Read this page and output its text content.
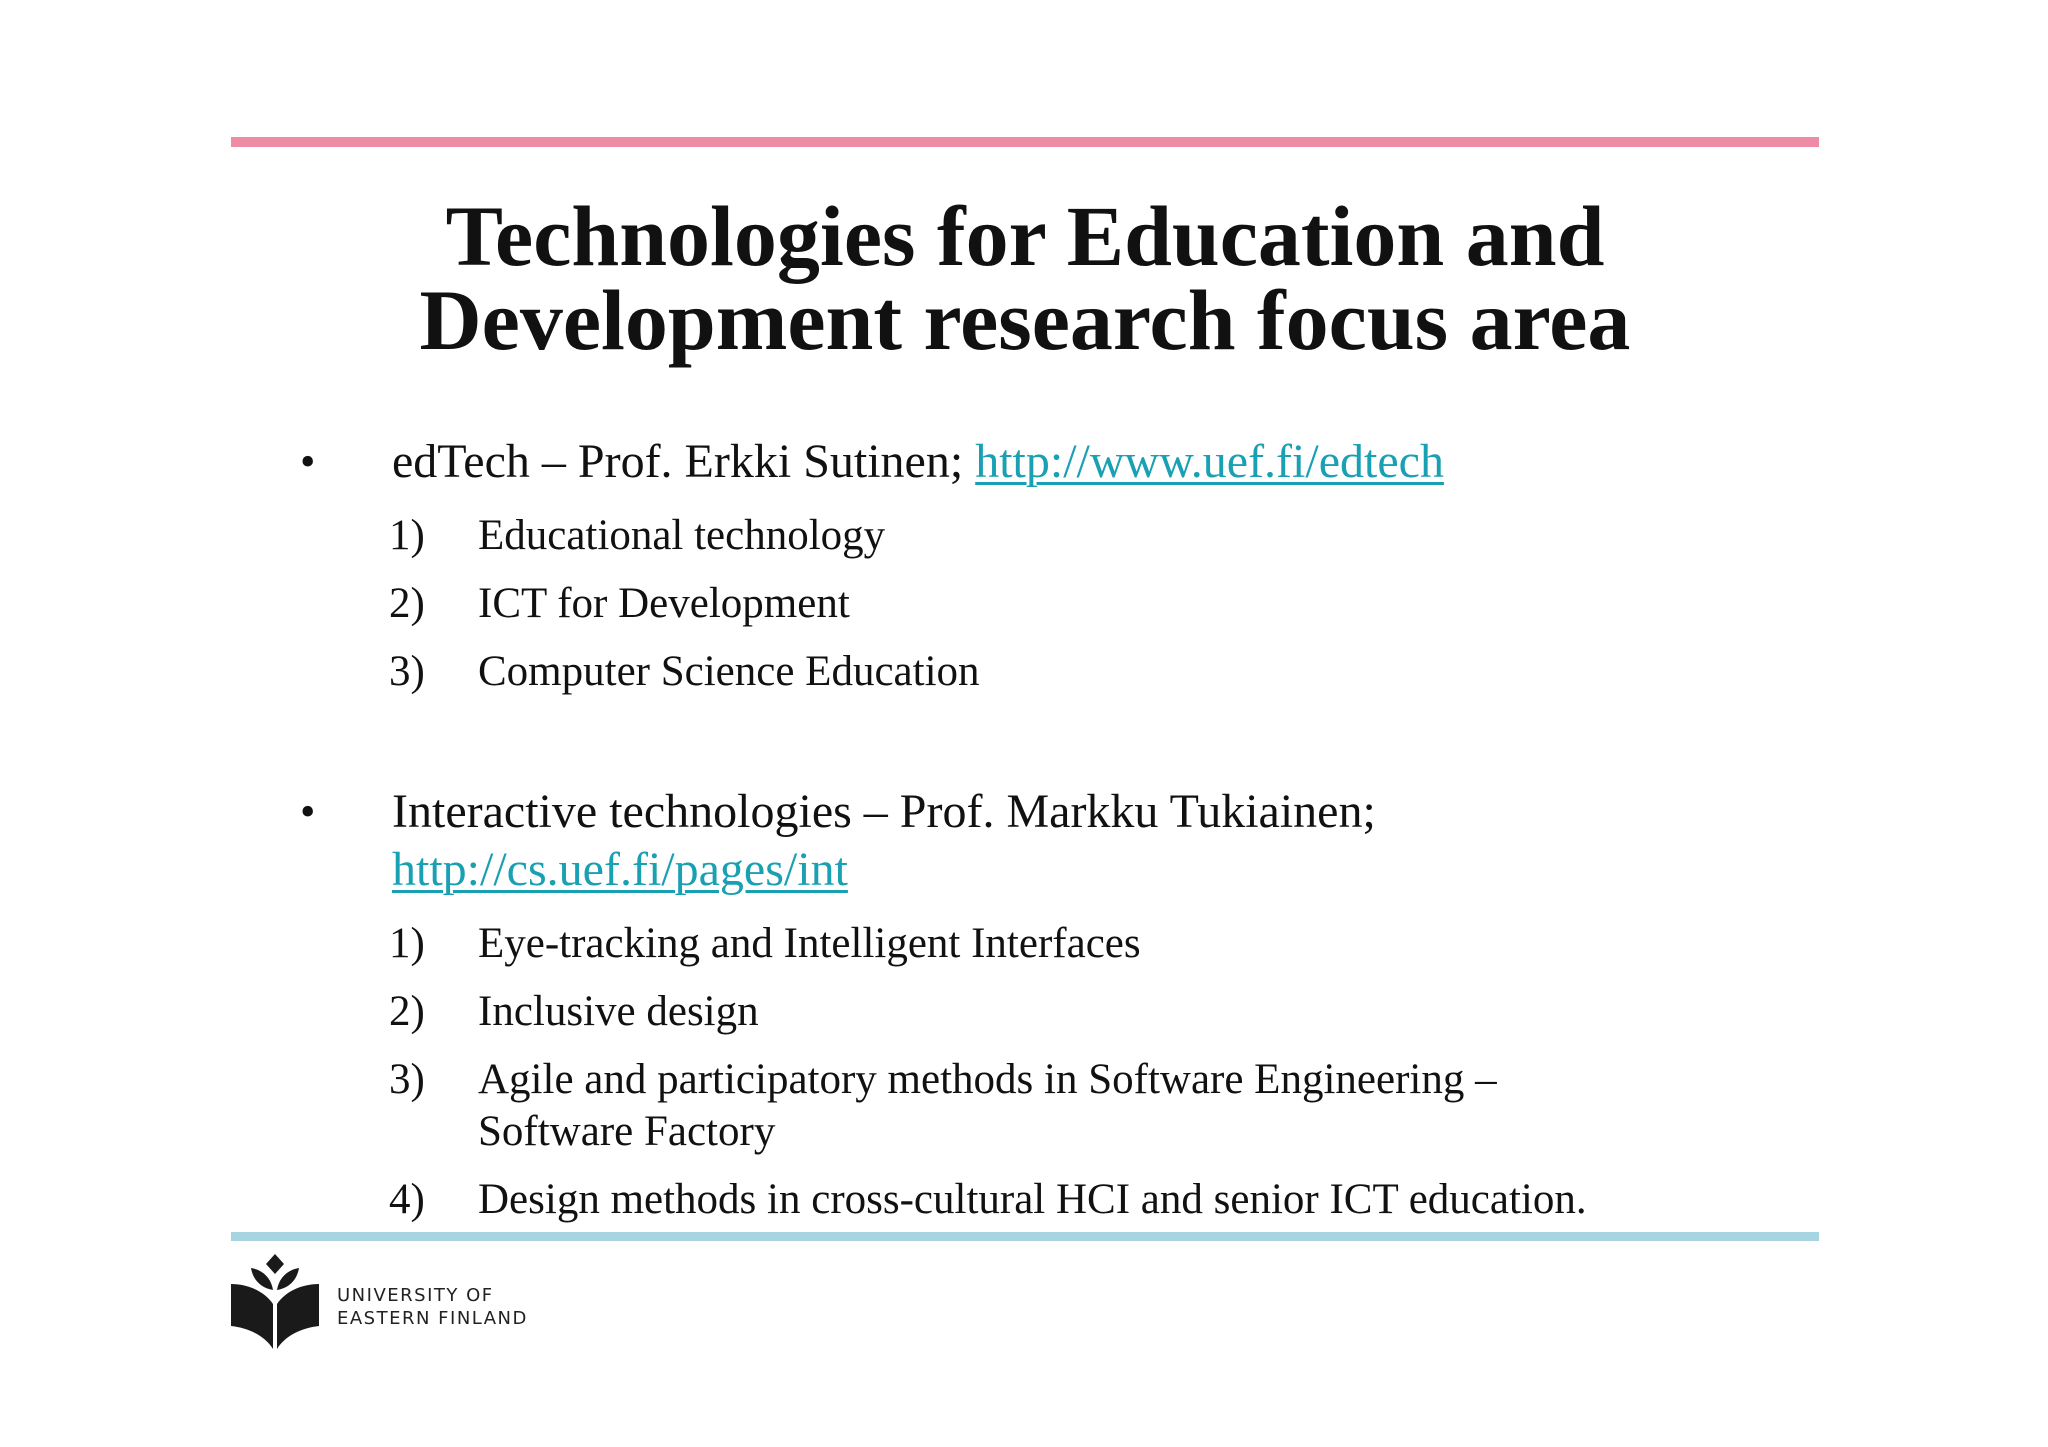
Technologies for Education and
Development research focus area
• edTech – Prof. Erkki Sutinen; http://www.uef.fi/edtech
1) Educational technology
2) ICT for Development
3) Computer Science Education
• Interactive technologies – Prof. Markku Tukiainen;
http://cs.uef.fi/pages/int
1) Eye-tracking and Intelligent Interfaces
2) Inclusive design
3) Agile and participatory methods in Software Engineering –
Software Factory
4) Design methods in cross-cultural HCI and senior ICT education.
UNIVERSITY OF
EASTERN FINLAND
